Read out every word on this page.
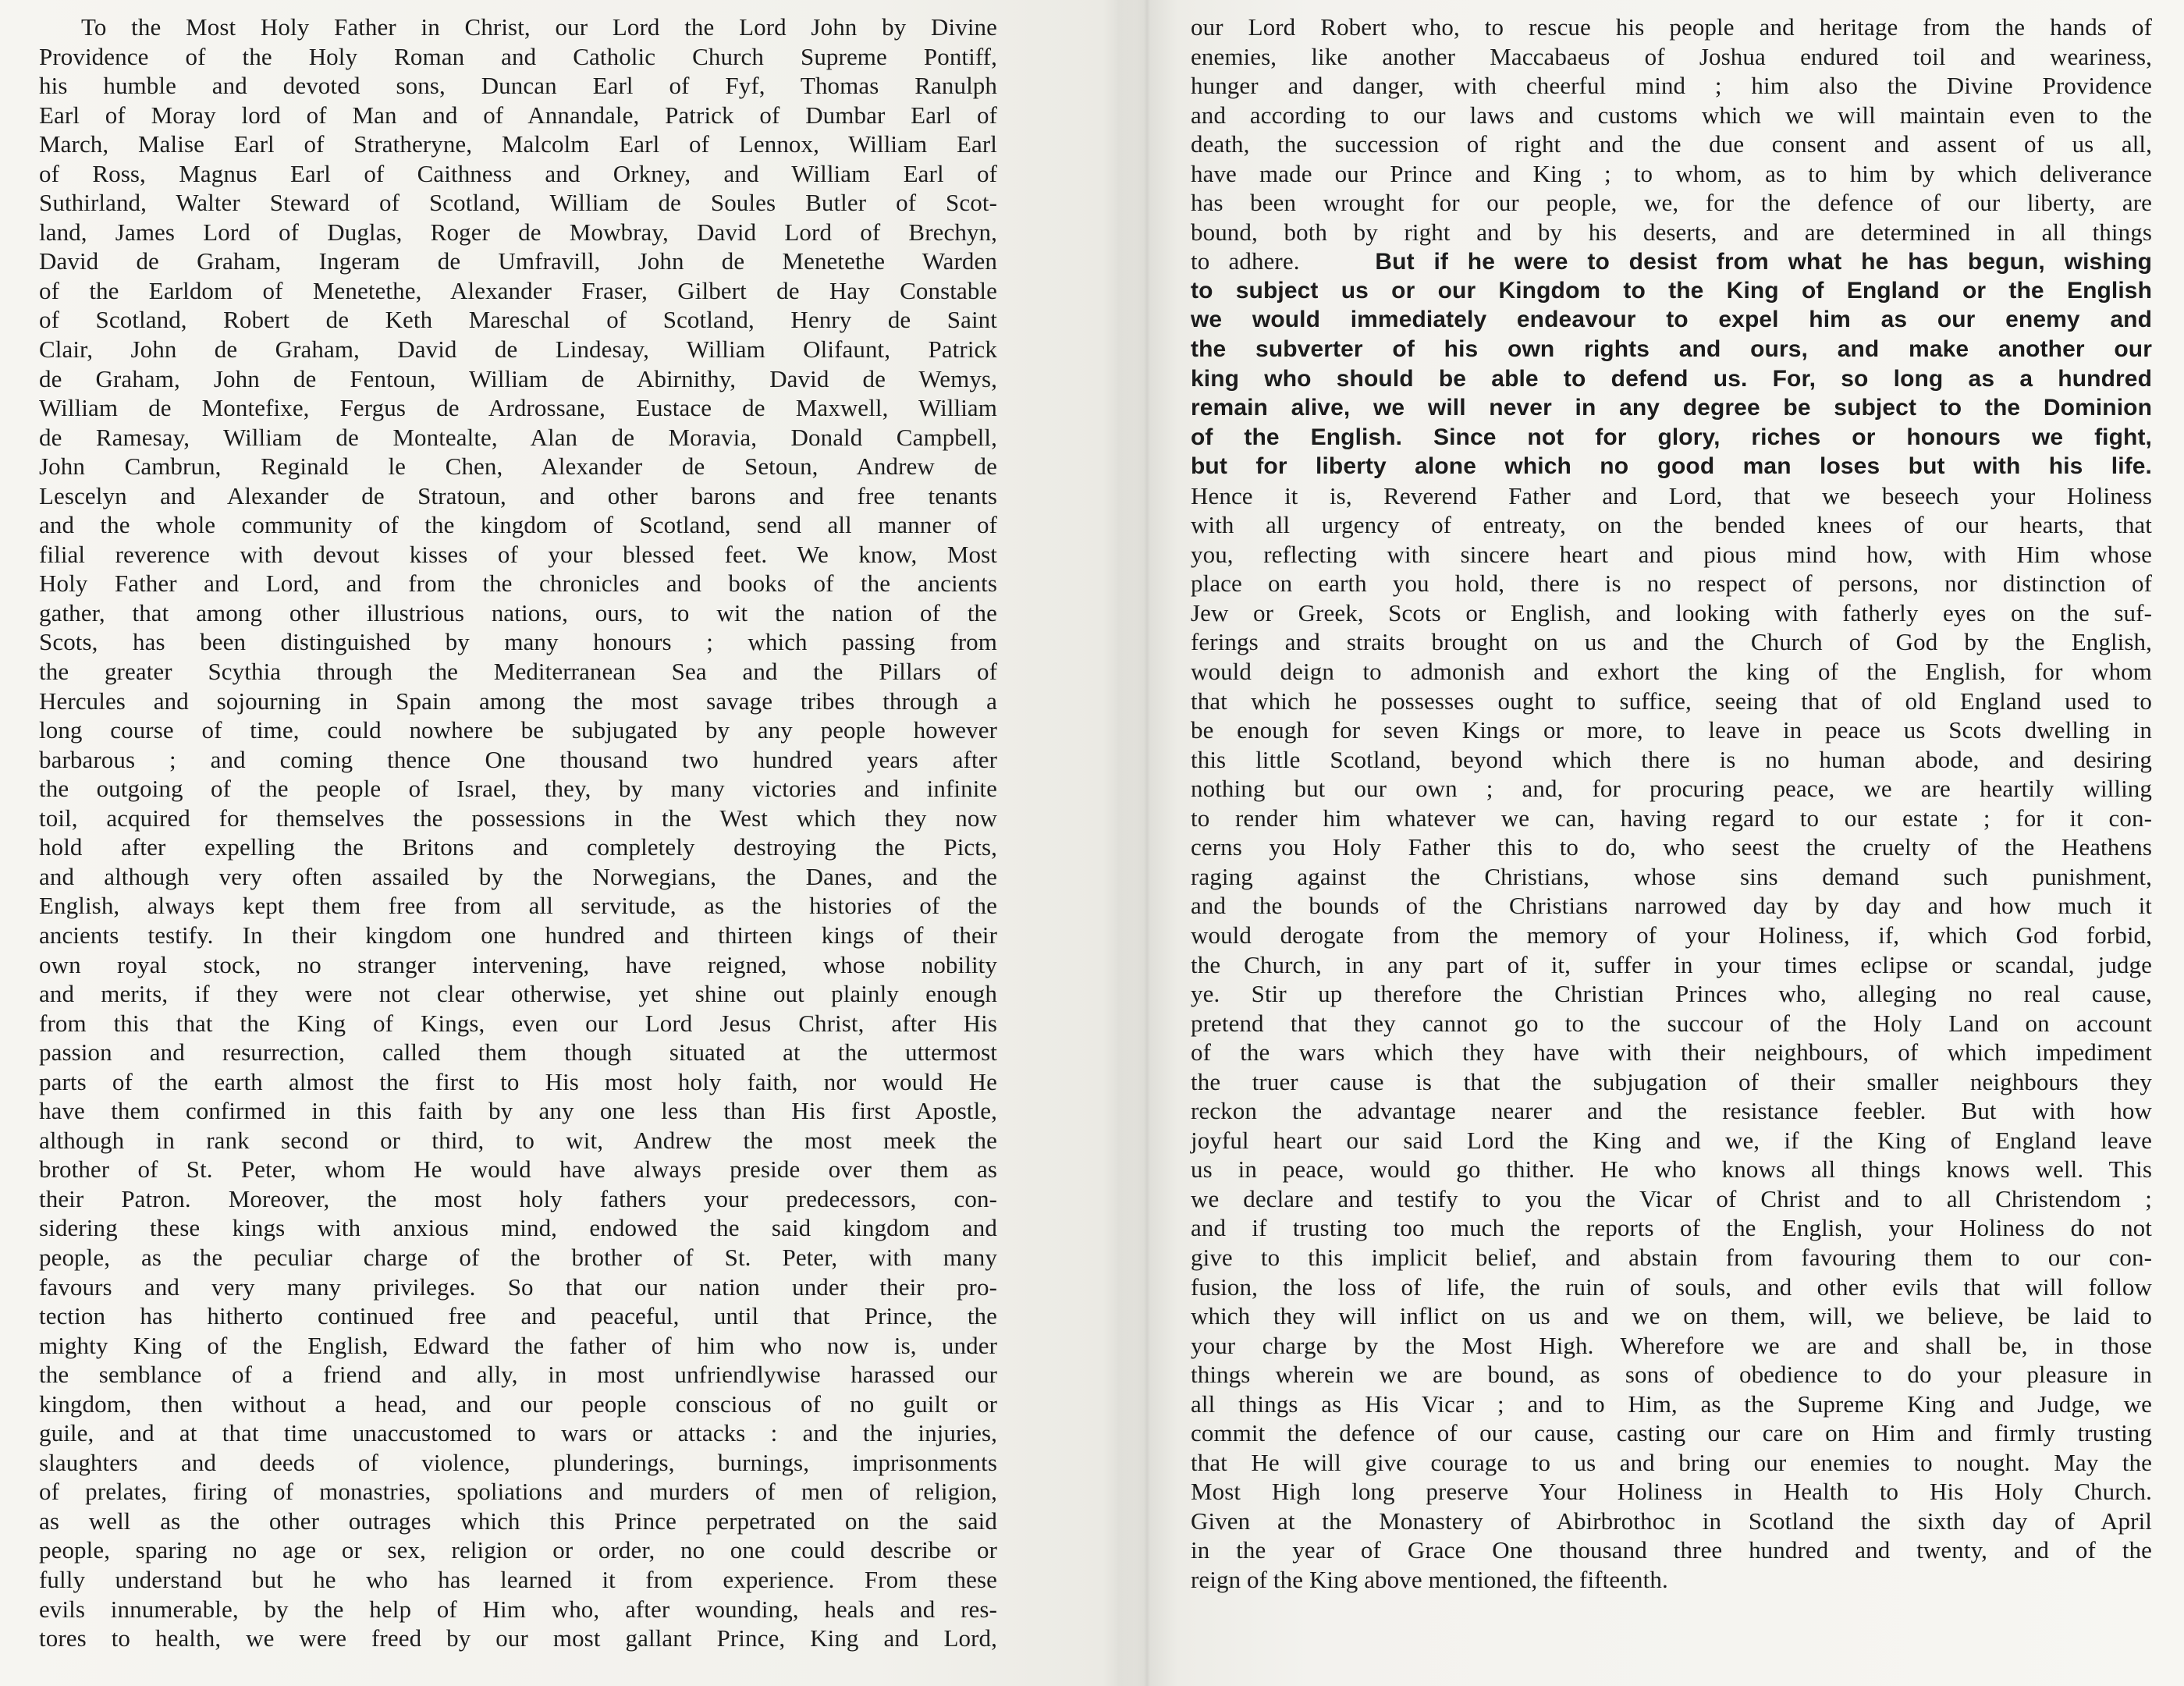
To the Most Holy Father in Christ, our Lord the Lord John by Divine
Providence of the Holy Roman and Catholic Church Supreme Pontiff,
his humble and devoted sons, Duncan Earl of Fyf, Thomas Ranulph
Earl of Moray lord of Man and of Annandale, Patrick of Dumbar Earl of
March, Malise Earl of Stratheryne, Malcolm Earl of Lennox, William Earl
of Ross, Magnus Earl of Caithness and Orkney, and William Earl of
Suthirland, Walter Steward of Scotland, William de Soules Butler of Scot-
land, James Lord of Duglas, Roger de Mowbray, David Lord of Brechyn,
David de Graham, Ingeram de Umfravill, John de Menetethe Warden
of the Earldom of Menetethe, Alexander Fraser, Gilbert de Hay Constable
of Scotland, Robert de Keth Mareschal of Scotland, Henry de Saint
Clair, John de Graham, David de Lindesay, William Olifaunt, Patrick
de Graham, John de Fentoun, William de Abirnithy, David de Wemys,
William de Montefixe, Fergus de Ardrossane, Eustace de Maxwell, William
de Ramesay, William de Montealte, Alan de Moravia, Donald Campbell,
John Cambrun, Reginald le Chen, Alexander de Setoun, Andrew de
Lescelyn and Alexander de Stratoun, and other barons and free tenants
and the whole community of the kingdom of Scotland, send all manner of
filial reverence with devout kisses of your blessed feet. We know, Most
Holy Father and Lord, and from the chronicles and books of the ancients
gather, that among other illustrious nations, ours, to wit the nation of the
Scots, has been distinguished by many honours ; which passing from
the greater Scythia through the Mediterranean Sea and the Pillars of
Hercules and sojourning in Spain among the most savage tribes through a
long course of time, could nowhere be subjugated by any people however
barbarous ; and coming thence One thousand two hundred years after
the outgoing of the people of Israel, they, by many victories and infinite
toil, acquired for themselves the possessions in the West which they now
hold after expelling the Britons and completely destroying the Picts,
and although very often assailed by the Norwegians, the Danes, and the
English, always kept them free from all servitude, as the histories of the
ancients testify. In their kingdom one hundred and thirteen kings of their
own royal stock, no stranger intervening, have reigned, whose nobility
and merits, if they were not clear otherwise, yet shine out plainly enough
from this that the King of Kings, even our Lord Jesus Christ, after His
passion and resurrection, called them though situated at the uttermost
parts of the earth almost the first to His most holy faith, nor would He
have them confirmed in this faith by any one less than His first Apostle,
although in rank second or third, to wit, Andrew the most meek the
brother of St. Peter, whom He would have always preside over them as
their Patron. Moreover, the most holy fathers your predecessors, con-
sidering these kings with anxious mind, endowed the said kingdom and
people, as the peculiar charge of the brother of St. Peter, with many
favours and very many privileges. So that our nation under their pro-
tection has hitherto continued free and peaceful, until that Prince, the
mighty King of the English, Edward the father of him who now is, under
the semblance of a friend and ally, in most unfriendlywise harassed our
kingdom, then without a head, and our people conscious of no guilt or
guile, and at that time unaccustomed to wars or attacks : and the injuries,
slaughters and deeds of violence, plunderings, burnings, imprisonments
of prelates, firing of monastries, spoliations and murders of men of religion,
as well as the other outrages which this Prince perpetrated on the said
people, sparing no age or sex, religion or order, no one could describe or
fully understand but he who has learned it from experience. From these
evils innumerable, by the help of Him who, after wounding, heals and res-
tores to health, we were freed by our most gallant Prince, King and Lord,
our Lord Robert who, to rescue his people and heritage from the hands of
enemies, like another Maccabaeus of Joshua endured toil and weariness,
hunger and danger, with cheerful mind ; him also the Divine Providence
and according to our laws and customs which we will maintain even to the
death, the succession of right and the due consent and assent of us all,
have made our Prince and King ; to whom, as to him by which deliverance
has been wrought for our people, we, for the defence of our liberty, are
bound, both by right and by his deserts, and are determined in all things
to adhere.	But if he were to desist from what he has begun, wishing
to subject us or our Kingdom to the King of England or the English
we would immediately endeavour to expel him as our enemy and
the subverter of his own rights and ours, and make another our
king who should be able to defend us. For, so long as a hundred
remain alive, we will never in any degree be subject to the Dominion
of the English. Since not for glory, riches or honours we fight,
but for liberty alone which no good man loses but with his life.
Hence it is, Reverend Father and Lord, that we beseech your Holiness
with all urgency of entreaty, on the bended knees of our hearts, that
you, reflecting with sincere heart and pious mind how, with Him whose
place on earth you hold, there is no respect of persons, nor distinction of
Jew or Greek, Scots or English, and looking with fatherly eyes on the suf-
ferings and straits brought on us and the Church of God by the English,
would deign to admonish and exhort the king of the English, for whom
that which he possesses ought to suffice, seeing that of old England used to
be enough for seven Kings or more, to leave in peace us Scots dwelling in
this little Scotland, beyond which there is no human abode, and desiring
nothing but our own ; and, for procuring peace, we are heartily willing
to render him whatever we can, having regard to our estate ; for it con-
cerns you Holy Father this to do, who seest the cruelty of the Heathens
raging against the Christians, whose sins demand such punishment,
and the bounds of the Christians narrowed day by day and how much it
would derogate from the memory of your Holiness, if, which God forbid,
the Church, in any part of it, suffer in your times eclipse or scandal, judge
ye. Stir up therefore the Christian Princes who, alleging no real cause,
pretend that they cannot go to the succour of the Holy Land on account
of the wars which they have with their neighbours, of which impediment
the truer cause is that the subjugation of their smaller neighbours they
reckon the advantage nearer and the resistance feebler. But with how
joyful heart our said Lord the King and we, if the King of England leave
us in peace, would go thither. He who knows all things knows well. This
we declare and testify to you the Vicar of Christ and to all Christendom ;
and if trusting too much the reports of the English, your Holiness do not
give to this implicit belief, and abstain from favouring them to our con-
fusion, the loss of life, the ruin of souls, and other evils that will follow
which they will inflict on us and we on them, will, we believe, be laid to
your charge by the Most High. Wherefore we are and shall be, in those
things wherein we are bound, as sons of obedience to do your pleasure in
all things as His Vicar ; and to Him, as the Supreme King and Judge, we
commit the defence of our cause, casting our care on Him and firmly trusting
that He will give courage to us and bring our enemies to nought. May the
Most High long preserve Your Holiness in Health to His Holy Church.
Given at the Monastery of Abirbrothoc in Scotland the sixth day of April
in the year of Grace One thousand three hundred and twenty, and of the
reign of the King above mentioned, the fifteenth.
